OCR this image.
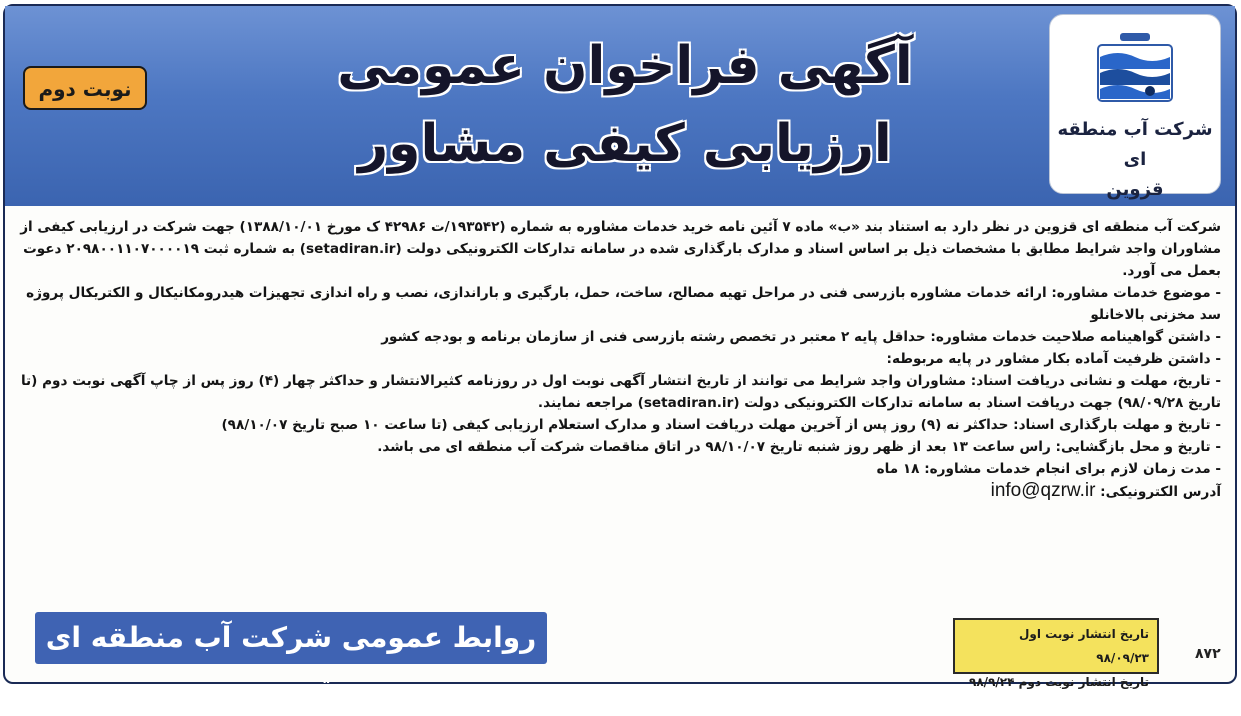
شرکت آب منطقه ای
قزوین
آگهی فراخوان عمومی
ارزیابی کیفی مشاور
نوبت دوم

شرکت آب منطقه ای قزوین در نظر دارد به استناد بند «ب» ماده ۷ آئین نامه خرید خدمات مشاوره به شماره (۱۹۳۵۴۲/ت ۴۲۹۸۶ ک مورخ ۱۳۸۸/۱۰/۰۱) جهت شرکت در ارزیابی کیفی از مشاوران واجد شرایط مطابق با مشخصات ذیل بر اساس اسناد و مدارک بارگذاری شده در سامانه تدارکات الکترونیکی دولت (setadiran.ir) به شماره ثبت ۲۰۹۸۰۰۱۱۰۷۰۰۰۰۱۹ دعوت بعمل می آورد.

- موضوع خدمات مشاوره: ارائه خدمات مشاوره بازرسی فنی در مراحل تهیه مصالح، ساخت، حمل، بارگیری و باراندازی، نصب و راه اندازی تجهیزات هیدرومکانیکال و الکتریکال پروژه سد مخزنی بالاخانلو

- داشتن گواهینامه صلاحیت خدمات مشاوره: حداقل پایه ۲ معتبر در تخصص رشته بازرسی فنی از سازمان برنامه و بودجه کشور

- داشتن ظرفیت آماده بکار مشاور در پایه مربوطه:

- تاریخ، مهلت و نشانی دریافت اسناد: مشاوران واجد شرایط می توانند از تاریخ انتشار آگهی نوبت اول در روزنامه کثیرالانتشار و حداکثر چهار (۴) روز پس از چاپ آگهی نوبت دوم (تا تاریخ ۹۸/۰۹/۲۸) جهت دریافت اسناد به سامانه تدارکات الکترونیکی دولت (setadiran.ir) مراجعه نمایند.

- تاریخ و مهلت بارگذاری اسناد: حداکثر نه (۹) روز پس از آخرین مهلت دریافت اسناد و مدارک استعلام ارزیابی کیفی (تا ساعت ۱۰ صبح تاریخ ۹۸/۱۰/۰۷)

- تاریخ و محل بازگشایی: راس ساعت ۱۳ بعد از ظهر روز شنبه تاریخ ۹۸/۱۰/۰۷ در اتاق مناقصات شرکت آب منطقه ای می باشد.

- مدت زمان لازم برای انجام خدمات مشاوره: ۱۸ ماه

آدرس الکترونیکی: info@qzrw.ir

روابط عمومی شرکت آب منطقه ای قزوین
تاریخ انتشار نوبت اول ۹۸/۰۹/۲۳
تاریخ انتشار نوبت دوم ۹۸/۹/۲۴
۸۷۲
